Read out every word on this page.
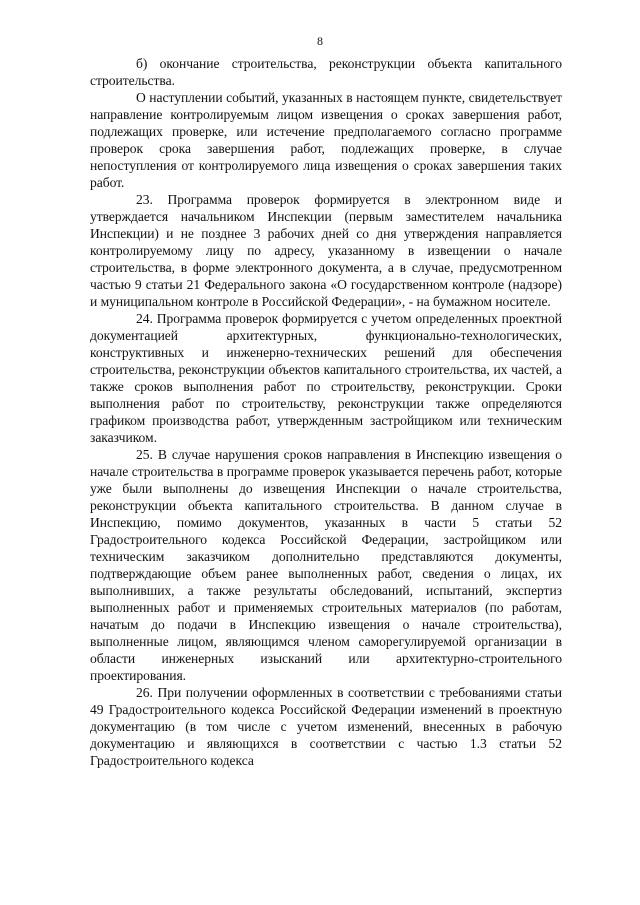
8

б) окончание строительства, реконструкции объекта капитального строительства.

О наступлении событий, указанных в настоящем пункте, свидетельствует направление контролируемым лицом извещения о сроках завершения работ, подлежащих проверке, или истечение предполагаемого согласно программе проверок срока завершения работ, подлежащих проверке, в случае непоступления от контролируемого лица извещения о сроках завершения таких работ.

23. Программа проверок формируется в электронном виде и утверждается начальником Инспекции (первым заместителем начальника Инспекции) и не позднее 3 рабочих дней со дня утверждения направляется контролируемому лицу по адресу, указанному в извещении о начале строительства, в форме электронного документа, а в случае, предусмотренном частью 9 статьи 21 Федерального закона «О государственном контроле (надзоре) и муниципальном контроле в Российской Федерации», - на бумажном носителе.

24. Программа проверок формируется с учетом определенных проектной документацией архитектурных, функционально-технологических, конструктивных и инженерно-технических решений для обеспечения строительства, реконструкции объектов капитального строительства, их частей, а также сроков выполнения работ по строительству, реконструкции. Сроки выполнения работ по строительству, реконструкции также определяются графиком производства работ, утвержденным застройщиком или техническим заказчиком.

25. В случае нарушения сроков направления в Инспекцию извещения о начале строительства в программе проверок указывается перечень работ, которые уже были выполнены до извещения Инспекции о начале строительства, реконструкции объекта капитального строительства. В данном случае в Инспекцию, помимо документов, указанных в части 5 статьи 52 Градостроительного кодекса Российской Федерации, застройщиком или техническим заказчиком дополнительно представляются документы, подтверждающие объем ранее выполненных работ, сведения о лицах, их выполнивших, а также результаты обследований, испытаний, экспертиз выполненных работ и применяемых строительных материалов (по работам, начатым до подачи в Инспекцию извещения о начале строительства), выполненные лицом, являющимся членом саморегулируемой организации в области инженерных изысканий или архитектурно-строительного проектирования.

26. При получении оформленных в соответствии с требованиями статьи 49 Градостроительного кодекса Российской Федерации изменений в проектную документацию (в том числе с учетом изменений, внесенных в рабочую документацию и являющихся в соответствии с частью 1.3 статьи 52 Градостроительного кодекса
